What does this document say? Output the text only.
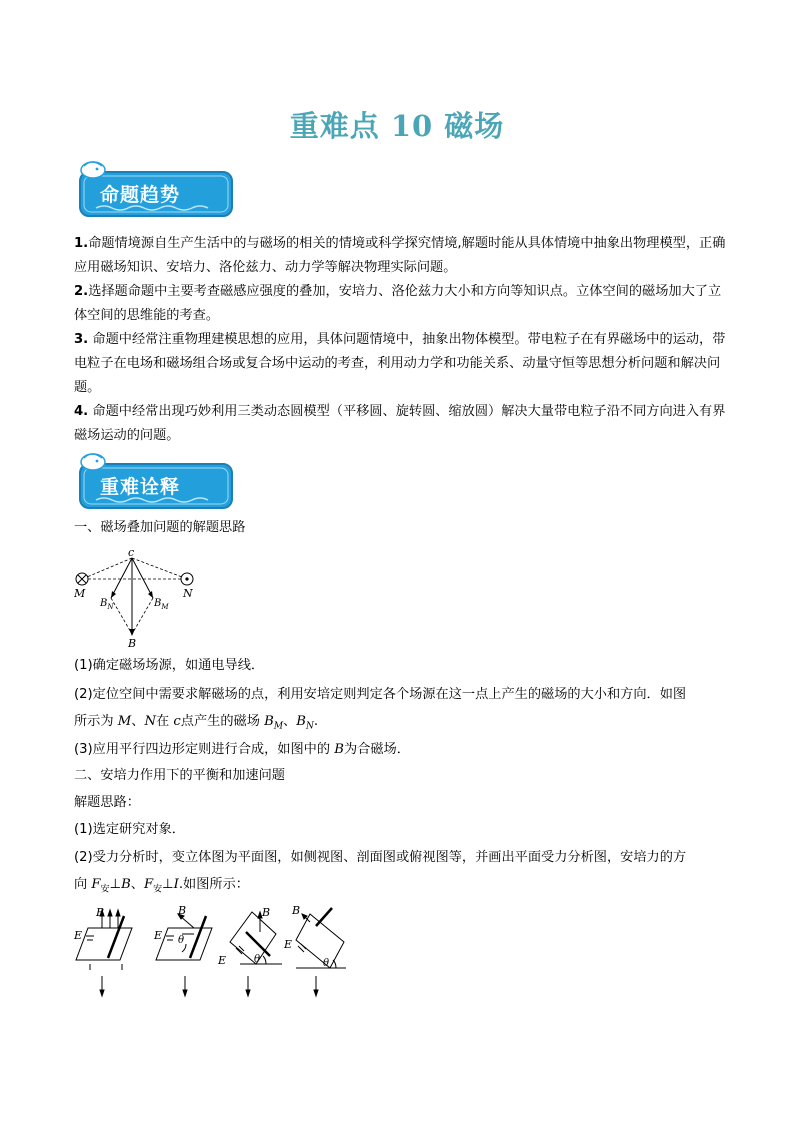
重难点 10 磁场
命题趋势
1.命题情境源自生产生活中的与磁场的相关的情境或科学探究情境,解题时能从具体情境中抽象出物理模型，正确应用磁场知识、安培力、洛伦兹力、动力学等解决物理实际问题。
2.选择题命题中主要考查磁感应强度的叠加，安培力、洛伦兹力大小和方向等知识点。立体空间的磁场加大了立体空间的思维能的考查。
3. 命题中经常注重物理建模思想的应用，具体问题情境中，抽象出物体模型。带电粒子在有界磁场中的运动，带电粒子在电场和磁场组合场或复合场中运动的考查，利用动力学和功能关系、动量守恒等思想分析问题和解决问题。
4. 命题中经常出现巧妙利用三类动态圆模型（平移圆、旋转圆、缩放圆）解决大量带电粒子沿不同方向进入有界磁场运动的问题。
重难诠释
一、磁场叠加问题的解题思路
c
M	N
$B_N$	$B_M$
B
(1)确定磁场场源，如通电导线．
(2)定位空间中需要求解磁场的点，利用安培定则判定各个场源在这一点上产生的磁场的大小和方向．如图
所示为 M、N在 c点产生的磁场 $B_M$、$B_N$.
(3)应用平行四边形定则进行合成，如图中的 B为合磁场．
二、安培力作用下的平衡和加速问题
解题思路：
(1)选定研究对象．
(2)受力分析时，变立体图为平面图，如侧视图、剖面图或俯视图等，并画出平面受力分析图，安培力的方
向 $F_安\perp B$、$F_安\perp I$.如图所示：
B
E
B
E θ
B
E	θ
B
E
θ
